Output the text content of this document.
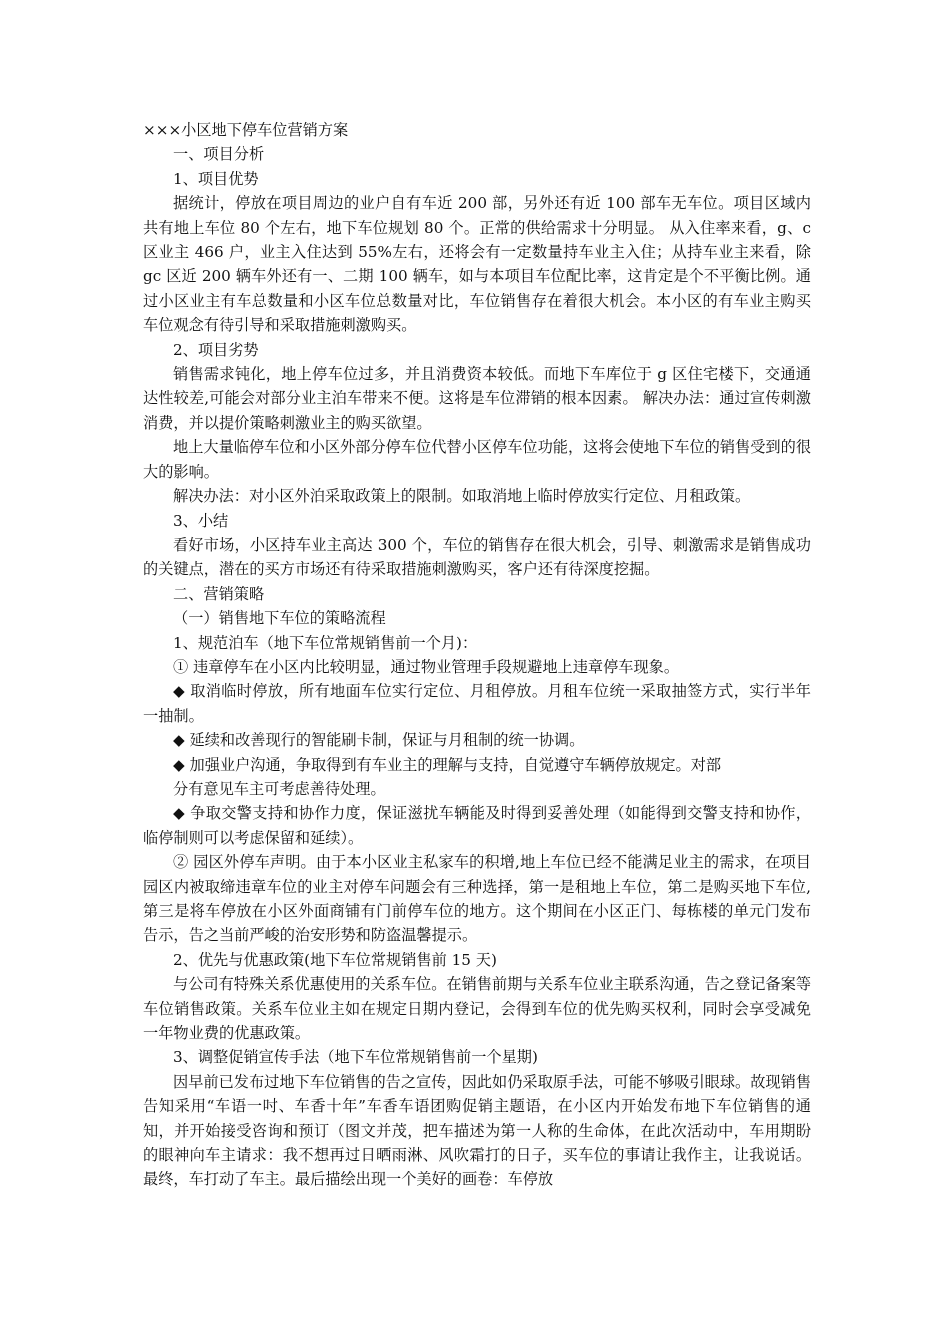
×××小区地下停车位营销方案

一、项目分析

1、项目优势

据统计，停放在项目周边的业户自有车近 200 部，另外还有近 100 部车无车位。项目区域内共有地上车位 80 个左右，地下车位规划 80 个。正常的供给需求十分明显。 从入住率来看，g、c 区业主 466 户，业主入住达到 55%左右，还将会有一定数量持车业主入住；从持车业主来看，除 gc 区近 200 辆车外还有一、二期 100 辆车，如与本项目车位配比率，这肯定是个不平衡比例。通过小区业主有车总数量和小区车位总数量对比，车位销售存在着很大机会。本小区的有车业主购买车位观念有待引导和采取措施刺激购买。

2、项目劣势

销售需求钝化，地上停车位过多，并且消费资本较低。而地下车库位于 g 区住宅楼下，交通通达性较差,可能会对部分业主泊车带来不便。这将是车位滞销的根本因素。 解决办法：通过宣传刺激消费，并以提价策略刺激业主的购买欲望。

地上大量临停车位和小区外部分停车位代替小区停车位功能，这将会使地下车位的销售受到的很大的影响。

解决办法：对小区外泊采取政策上的限制。如取消地上临时停放实行定位、月租政策。

3、小结

看好市场，小区持车业主高达 300 个，车位的销售存在很大机会，引导、刺激需求是销售成功的关键点，潜在的买方市场还有待采取措施刺激购买，客户还有待深度挖掘。

二、营销策略

（一）销售地下车位的策略流程

1、规范泊车（地下车位常规销售前一个月)：

① 违章停车在小区内比较明显，通过物业管理手段规避地上违章停车现象。

◆ 取消临时停放，所有地面车位实行定位、月租停放。月租车位统一采取抽签方式，实行半年一抽制。

◆ 延续和改善现行的智能刷卡制，保证与月租制的统一协调。

◆ 加强业户沟通，争取得到有车业主的理解与支持，自觉遵守车辆停放规定。对部

分有意见车主可考虑善待处理。

◆ 争取交警支持和协作力度，保证滋扰车辆能及时得到妥善处理（如能得到交警支持和协作，临停制则可以考虑保留和延续）。

② 园区外停车声明。由于本小区业主私家车的积增,地上车位已经不能满足业主的需求，在项目园区内被取缔违章车位的业主对停车问题会有三种选择，第一是租地上车位，第二是购买地下车位,第三是将车停放在小区外面商铺有门前停车位的地方。这个期间在小区正门、每栋楼的单元门发布告示，告之当前严峻的治安形势和防盗温馨提示。

2、优先与优惠政策(地下车位常规销售前 15 天)

与公司有特殊关系优惠使用的关系车位。在销售前期与关系车位业主联系沟通，告之登记备案等车位销售政策。关系车位业主如在规定日期内登记，会得到车位的优先购买权利，同时会享受减免一年物业费的优惠政策。

3、调整促销宣传手法（地下车位常规销售前一个星期)

因早前已发布过地下车位销售的告之宣传，因此如仍采取原手法，可能不够吸引眼球。故现销售告知采用“车语一吋、车香十年”车香车语团购促销主题语，在小区内开始发布地下车位销售的通知，并开始接受咨询和预订（图文并茂，把车描述为第一人称的生命体，在此次活动中，车用期盼的眼神向车主请求：我不想再过日晒雨淋、风吹霜打的日子，买车位的事请让我作主，让我说话。最终，车打动了车主。最后描绘出现一个美好的画卷：车停放
